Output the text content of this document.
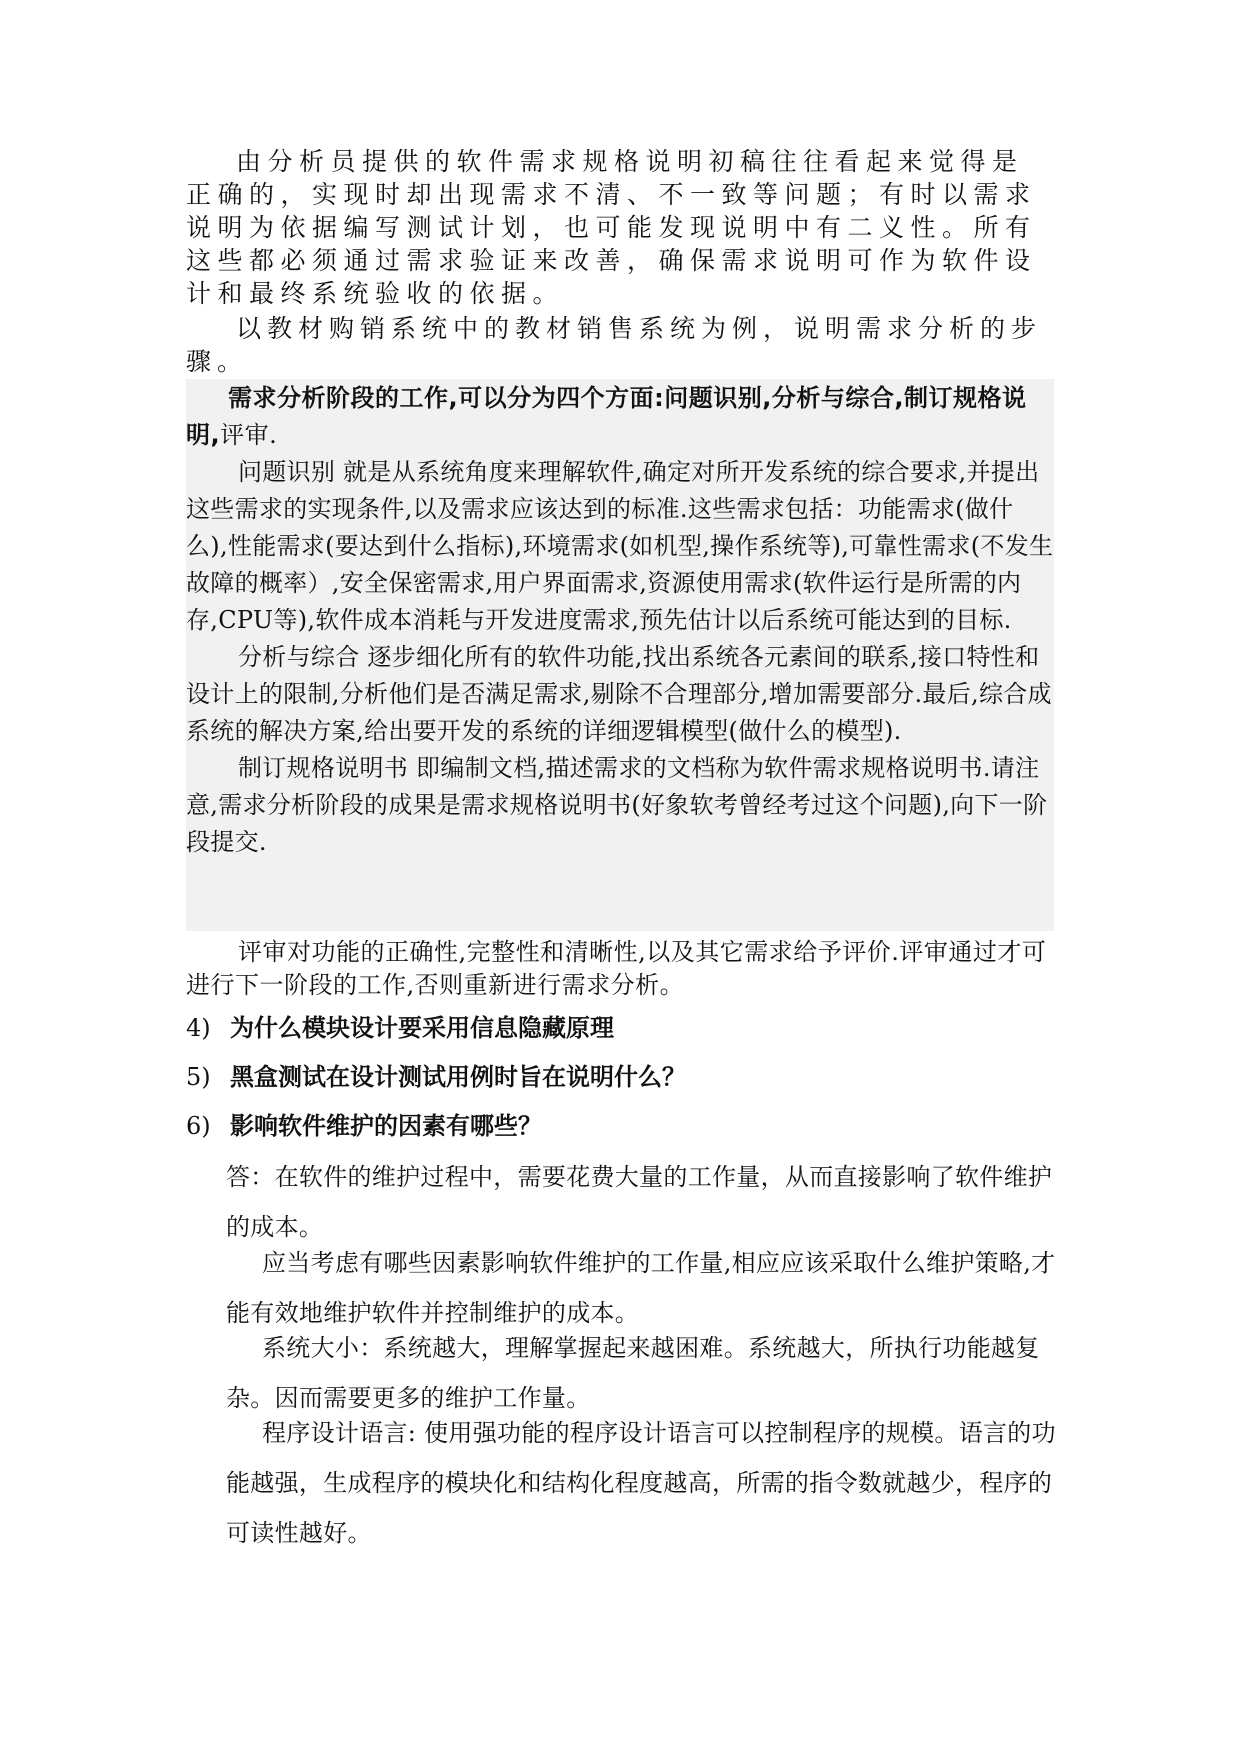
由分析员提供的软件需求规格说明初稿往往看起来觉得是正确的，实现时却出现需求不清、不一致等问题；有时以需求说明为依据编写测试计划，也可能发现说明中有二义性。所有这些都必须通过需求验证来改善，确保需求说明可作为软件设计和最终系统验收的依据。
以教材购销系统中的教材销售系统为例，说明需求分析的步骤。
需求分析阶段的工作,可以分为四个方面:问题识别,分析与综合,制订规格说明,评审.
问题识别 就是从系统角度来理解软件,确定对所开发系统的综合要求,并提出这些需求的实现条件,以及需求应该达到的标准.这些需求包括：功能需求(做什么),性能需求(要达到什么指标),环境需求(如机型,操作系统等),可靠性需求(不发生故障的概率）,安全保密需求,用户界面需求,资源使用需求(软件运行是所需的内存,CPU等),软件成本消耗与开发进度需求,预先估计以后系统可能达到的目标.
分析与综合 逐步细化所有的软件功能,找出系统各元素间的联系,接口特性和设计上的限制,分析他们是否满足需求,剔除不合理部分,增加需要部分.最后,综合成系统的解决方案,给出要开发的系统的详细逻辑模型(做什么的模型).
制订规格说明书 即编制文档,描述需求的文档称为软件需求规格说明书.请注意,需求分析阶段的成果是需求规格说明书(好象软考曾经考过这个问题),向下一阶段提交.
评审对功能的正确性,完整性和清晰性,以及其它需求给予评价.评审通过才可进行下一阶段的工作,否则重新进行需求分析。
4) 为什么模块设计要采用信息隐藏原理
5) 黑盒测试在设计测试用例时旨在说明什么？
6) 影响软件维护的因素有哪些？
答：在软件的维护过程中，需要花费大量的工作量，从而直接影响了软件维护的成本。
应当考虑有哪些因素影响软件维护的工作量,相应应该采取什么维护策略,才能有效地维护软件并控制维护的成本。
系统大小：系统越大，理解掌握起来越困难。系统越大，所执行功能越复杂。因而需要更多的维护工作量。
程序设计语言: 使用强功能的程序设计语言可以控制程序的规模。语言的功能越强，生成程序的模块化和结构化程度越高，所需的指令数就越少，程序的可读性越好。
